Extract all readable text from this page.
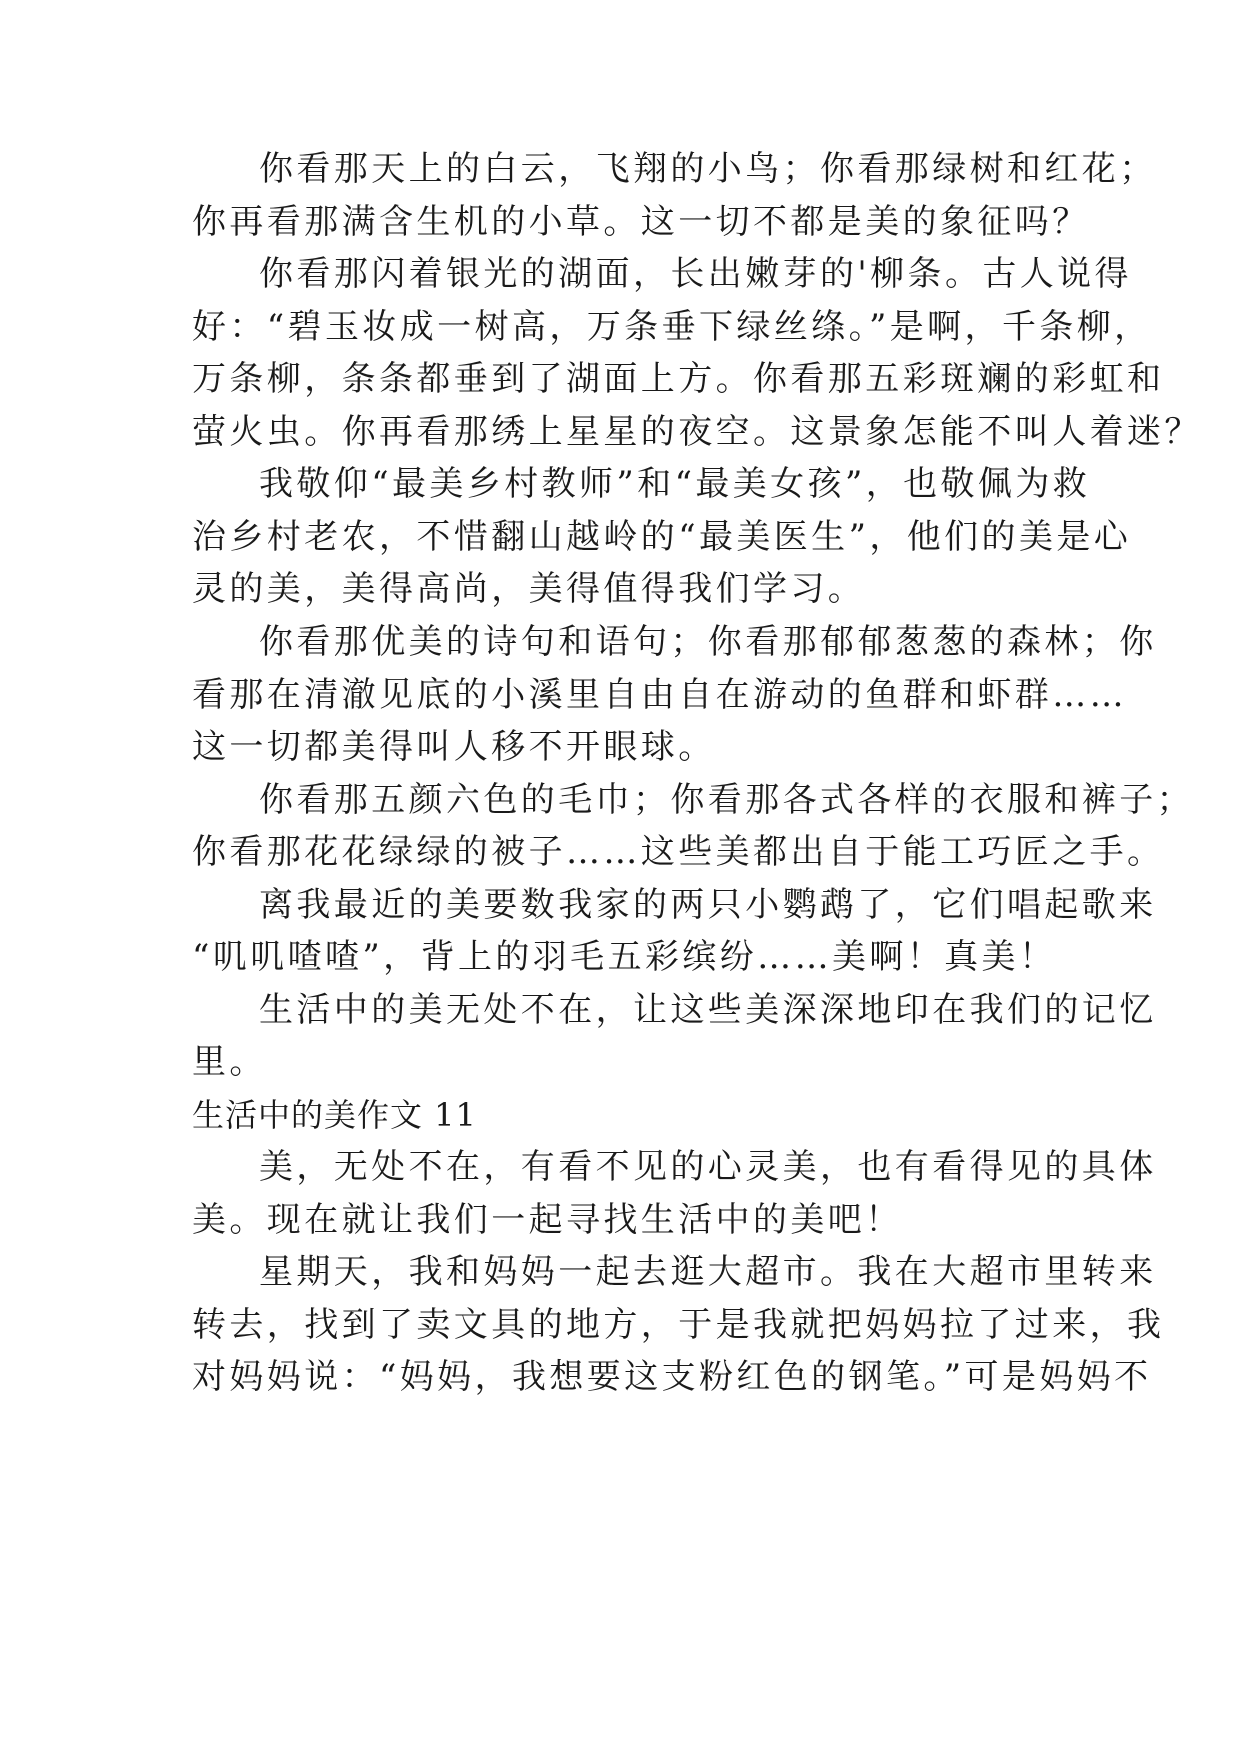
你看那天上的白云，飞翔的小鸟；你看那绿树和红花；
你再看那满含生机的小草。这一切不都是美的象征吗？
你看那闪着银光的湖面，长出嫩芽的'柳条。古人说得
好：“碧玉妆成一树高，万条垂下绿丝绦。”是啊，千条柳，
万条柳，条条都垂到了湖面上方。你看那五彩斑斓的彩虹和
萤火虫。你再看那绣上星星的夜空。这景象怎能不叫人着迷？
我敬仰“最美乡村教师”和“最美女孩”，也敬佩为救
治乡村老农，不惜翻山越岭的“最美医生”，他们的美是心
灵的美，美得高尚，美得值得我们学习。
你看那优美的诗句和语句；你看那郁郁葱葱的森林；你
看那在清澈见底的小溪里自由自在游动的鱼群和虾群……
这一切都美得叫人移不开眼球。
你看那五颜六色的毛巾；你看那各式各样的衣服和裤子；
你看那花花绿绿的被子……这些美都出自于能工巧匠之手。
离我最近的美要数我家的两只小鹦鹉了，它们唱起歌来
“叽叽喳喳”，背上的羽毛五彩缤纷……美啊！真美！
生活中的美无处不在，让这些美深深地印在我们的记忆
里。
生活中的美作文 11
美，无处不在，有看不见的心灵美，也有看得见的具体
美。现在就让我们一起寻找生活中的美吧！
星期天，我和妈妈一起去逛大超市。我在大超市里转来
转去，找到了卖文具的地方，于是我就把妈妈拉了过来，我
对妈妈说：“妈妈，我想要这支粉红色的钢笔。”可是妈妈不
